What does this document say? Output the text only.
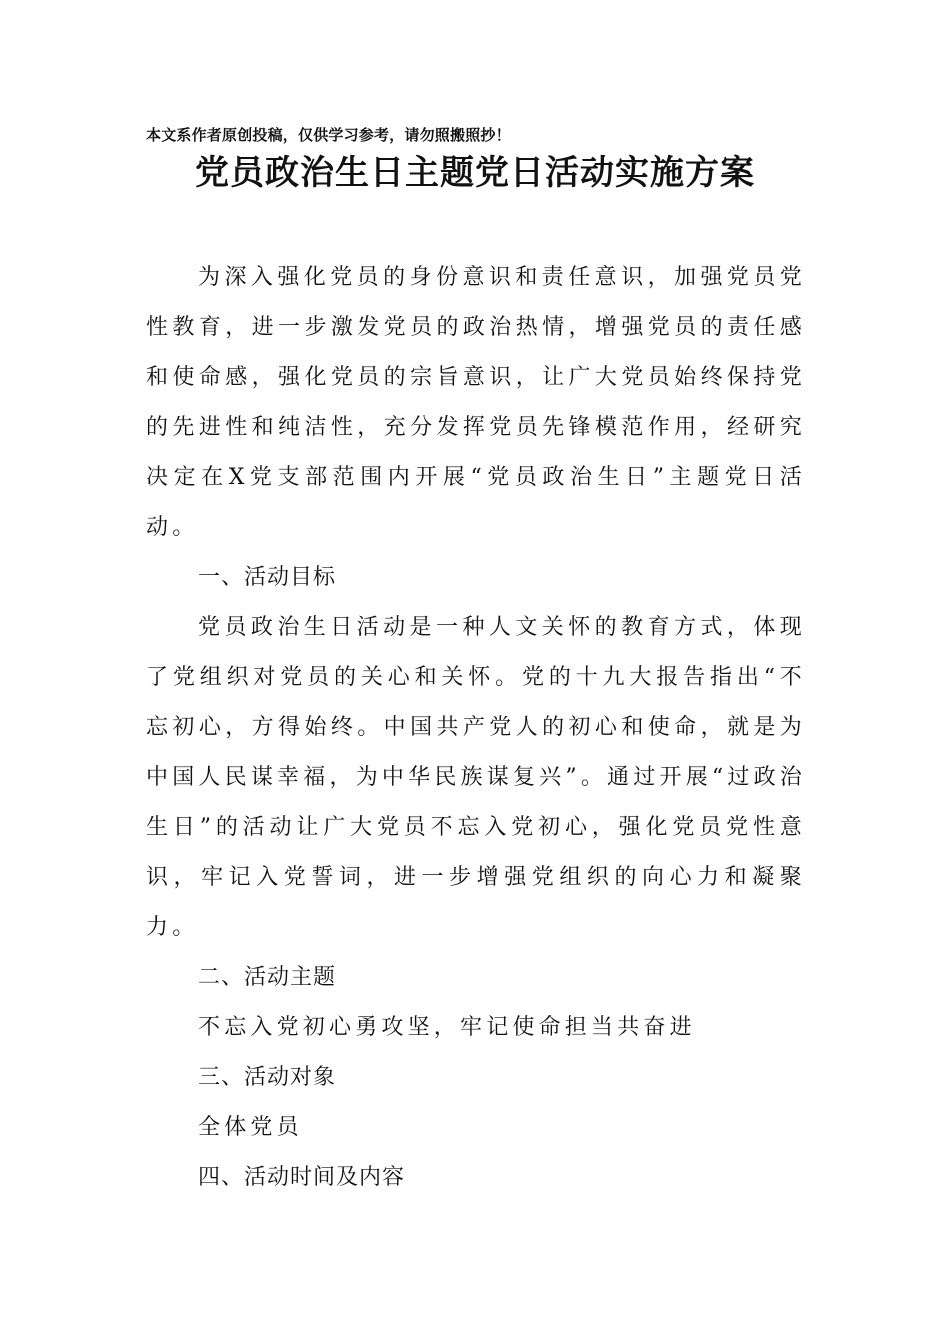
本文系作者原创投稿，仅供学习参考，请勿照搬照抄！
党员政治生日主题党日活动实施方案

为深入强化党员的身份意识和责任意识，加强党员党性教育，进一步激发党员的政治热情，增强党员的责任感和使命感，强化党员的宗旨意识，让广大党员始终保持党的先进性和纯洁性，充分发挥党员先锋模范作用，经研究决定在X党支部范围内开展“党员政治生日”主题党日活动。

一、活动目标

党员政治生日活动是一种人文关怀的教育方式，体现了党组织对党员的关心和关怀。党的十九大报告指出“不忘初心，方得始终。中国共产党人的初心和使命，就是为中国人民谋幸福，为中华民族谋复兴”。通过开展“过政治生日”的活动让广大党员不忘入党初心，强化党员党性意识，牢记入党誓词，进一步增强党组织的向心力和凝聚力。

二、活动主题

不忘入党初心勇攻坚，牢记使命担当共奋进

三、活动对象

全体党员

四、活动时间及内容
